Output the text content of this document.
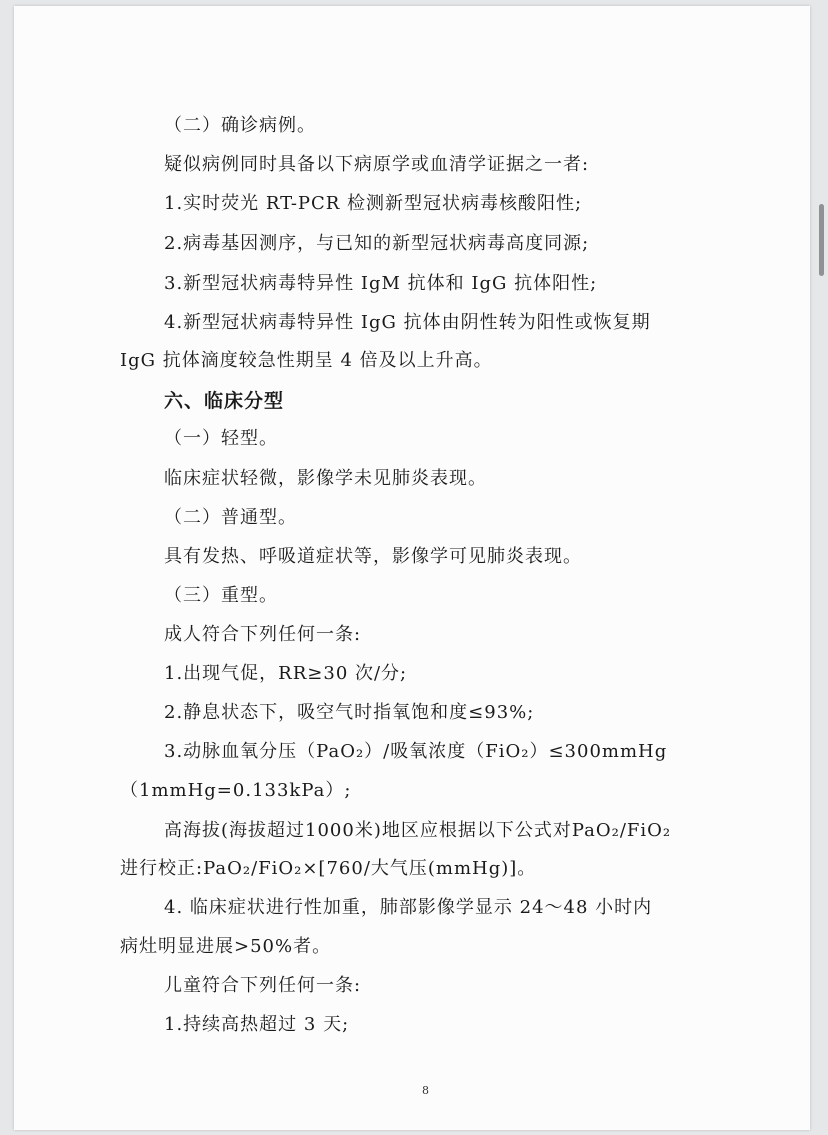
（二）确诊病例。
疑似病例同时具备以下病原学或血清学证据之一者:
1.实时荧光 RT-PCR 检测新型冠状病毒核酸阳性;
2.病毒基因测序，与已知的新型冠状病毒高度同源;
3.新型冠状病毒特异性 IgM 抗体和 IgG 抗体阳性;
4.新型冠状病毒特异性 IgG 抗体由阴性转为阳性或恢复期
IgG 抗体滴度较急性期呈 4 倍及以上升高。
六、临床分型
（一）轻型。
临床症状轻微，影像学未见肺炎表现。
（二）普通型。
具有发热、呼吸道症状等，影像学可见肺炎表现。
（三）重型。
成人符合下列任何一条:
1.出现气促，RR≥30 次/分;
2.静息状态下，吸空气时指氧饱和度≤93%;
3.动脉血氧分压（PaO₂）/吸氧浓度（FiO₂）≤300mmHg
（1mmHg=0.133kPa）;
高海拔(海拔超过1000米)地区应根据以下公式对PaO₂/FiO₂
进行校正:PaO₂/FiO₂×[760/大气压(mmHg)]。
4. 临床症状进行性加重，肺部影像学显示 24～48 小时内
病灶明显进展>50%者。
儿童符合下列任何一条:
1.持续高热超过 3 天;
8
